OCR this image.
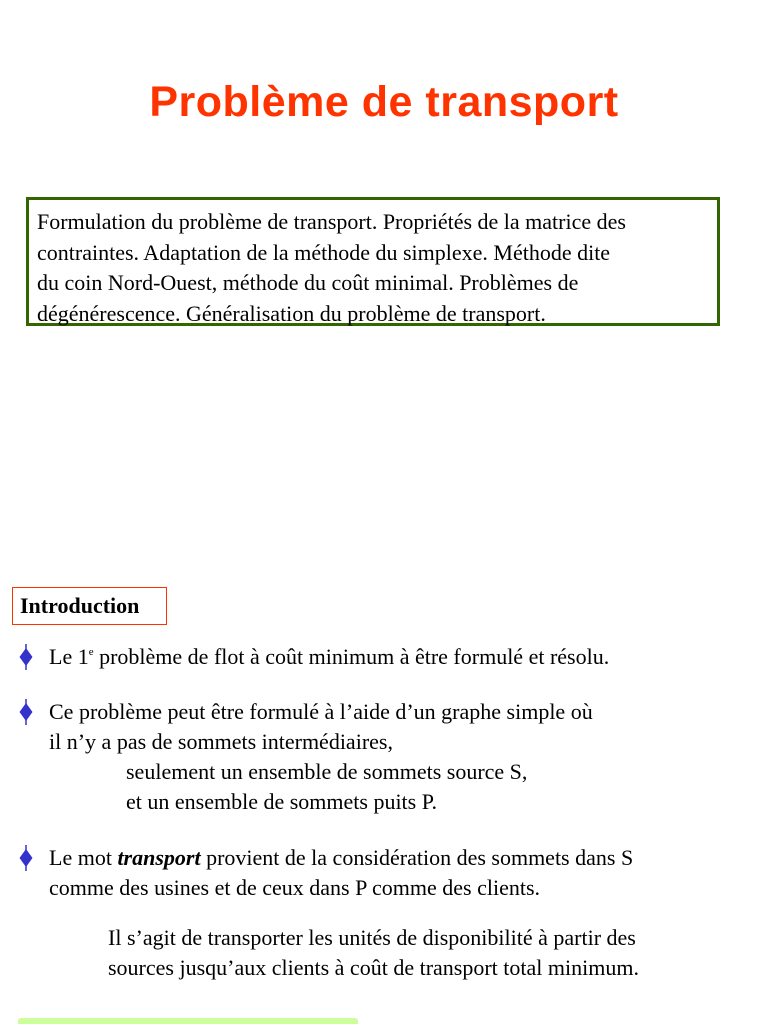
Problème de transport
Formulation du problème de transport. Propriétés de la matrice des
contraintes. Adaptation de la méthode du simplexe. Méthode dite
du coin Nord-Ouest, méthode du coût minimal. Problèmes de
dégénérescence. Généralisation du problème de transport.
Introduction
Le 1e problème de flot à coût minimum à être formulé et résolu.
Ce problème peut être formulé à l’aide d’un graphe simple où
il n’y a pas de sommets intermédiaires,
seulement un ensemble de sommets source S,
et un ensemble de sommets puits P.
Le mot transport provient de la considération des sommets dans S
comme des usines et de ceux dans P comme des clients.
Il s’agit de transporter les unités de disponibilité à partir des
sources jusqu’aux clients à coût de transport total minimum.
